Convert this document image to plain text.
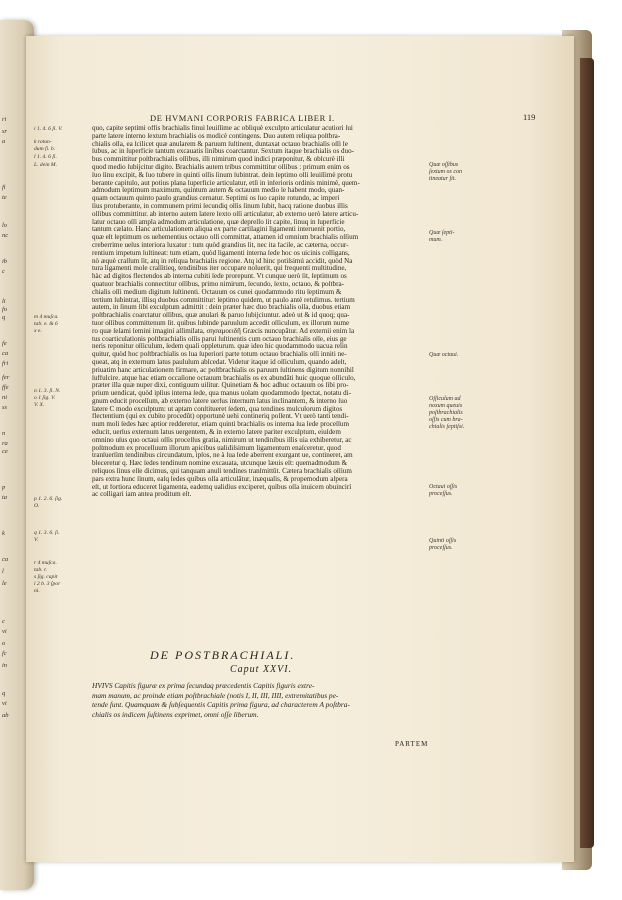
ri
sr
a
fi
te
lo
nc
ib
c
li
fo
q
fe
ca
fri
fer
ffe
ni
ss
n
ra
ce
p
ta
k
ca
l
le
c
vi
o
fc
in
q
vi
ab
DE HVMANI CORPORIS FABRICA LIBER I.	119

quo, capite septimi offis brachialis finui leuiſſime ac obliquè exculpto articulatur acutiori ſui

parte latere interno ſextum brachialis os modicè contingens. Duo autem reliqua poſtbra-

chialis oſſa, ea ſcilicet quæ anularem & paruum ſuſtinent, duntaxat octauo brachialis oſſi ſe

ſubus, ac in ſuperficie tantum excauatis ſinibus coarctantur. Sextum itaque brachialis os duo-

bus committitur poſtbrachialis oſſibus, illi nimirum quod indici præponitur, & obſcurè illi

quod medio ſubijcitur digito. Brachialis autem tribus committitur oſſibus : primum enim os

ſuo ſinu excipit, & ſuo tubere in quinti oſſis ſinum ſubintrat. dein ſeptimo oſſi leuiſſimè protu

berante capitulo, aut potius plana ſuperficie articulatur, etſi in inferioris ordinis minimè, quem-

admodum ſeptimum maximum, quintum autem & octauum medio ſe habent modo, quan-

quam octauum quinto paulo grandius cernatur. Septimi os ſuo capite rotundo, ac imperi

ſius protuberante, in communem primi ſecundiq oſſis ſinum ſubit, hacq ratione duobus illis

oſſibus committitur. ab interno autem latere ſexto oſſi articulatur, ab externo uerò latere articu-

latur octauo oſſi ampla admodum articulatione, quæ depreſſo ſit capite, ſinuq in ſuperficie

tantum cælato. Hanc articulationem aliqua ex parte cartilagini ligamenti interuenit portio,

quæ eſt ſeptimum os uehementius octauo oſſi committat, attamen id omnium brachialis oſſium

creberrime ueſus interiora luxatur : tum quòd grandius ſit, nec ita facile, ac cæterna, occur-

rentium impetum ſuſtineat: tum etiam, quòd ligamenti interna ſede hoc os uicinis colligans,

nò æquè craſſum ſit, atq in reliqua brachialis regione. Atq id hinc potiſsimú accidit, quòd Na

tura ligamenti mole craſſitieq, tendinibus iter occupare noluerit, qui frequenti multitudine,

hàc ad digitos flectendos ab interna cubiti ſede prorepunt. Vt cunque uerò ſit, ſeptimum os

quatuor brachialis connectitur oſſibus, primo nimirum, ſecundo, ſexto, octauo, & poſtbra-

chialis oſſi medium digitum ſuſtinenti. Octauum os cunei quodammodo ritu ſeptimum &

tertium ſubintrat, illisq duobus committitur: ſeptimo quidem, ut paulo antè retulimus. tertium

autem, in ſinum ſibi exculptum admittit : dein præter hæc duo brachialis oſſa, duobus etiam

poſtbrachialis coarctatur oſſibus, quæ anulari & paruo ſubijciuntur. adeò ut & id quoq; qua-

tuor oſſibus committenum ſit. quibus ſubinde paruulum accedit oſſiculum, ex illorum nume

ro quæ ſeſami ſemini imagini aſſimilata, σησαμοειδῆ Græcis nuncupãtur. Ad externii enim la

tus coarticulationis poſtbrachialis oſſis parui ſuſtinentis cum octauo brachialis oſſe, eius ge

neris reponitur oſſiculum, ſedem quaſi oppleturum. quæ ideo hic quodammodo uacua relin

quitur, quòd hoc poſtbrachialis os ſua ſuperiori parte totum octauo brachialis oſſi inniti ne-

queat, atq in externum latus paululum abſcedat. Videtur itaque id oſſiculum, quando adeſt,

priuatim hanc articulationem firmare, ac poſtbrachialis os paruum ſuſtinens digitum nonnihil

ſuffulcire. atque hac etiam occaſione octauum brachialis os ex abundãti huic quoque oſſiculo,

præter illa quæ nuper dixi, contiguum uiſitur. Quinetiam & hoc adhuc octauum os ſibi pro-

prium uendicat, quòd ipſius interna ſede, qua manus uolam quodammodo ſpectat, notatu di-

gnum educit proceſſum, ab externo latere uerſus internum latus inclinantem, & interno ſuo

latere C modo exculptum: ut aptam conſtitueret ſedem, qua tendines muſculorum digitos

flectentium (qui ex cubito procedũt) opportunè uehi contineriq poſſent. Vt uerò tanti tendi-

num moli ſedes hæc aptior redderetur, etiam quinti brachialis os interna ſua ſede proceſſum

educit, uerſus externum latus uergentem, & in externo latere pariter exculptum, eiuſdem

omnino uſus quo octaui oſſis proceſſus gratia, nimirum ut tendinibus illis uia exhiberetur, ac

poſtmodum ex proceſſuum illorum apicibus ualidiſsimum ligamentum enaſceretur, quod

tranſuerſim tendinibus circundatum, ipſos, ne à ſua ſede aberrent exurgant ue, contineret, am

bleceretur q. Hæc ſedes tendinum nomine excauata, utcunque læuis eſt: quemadmodum &

reliquos ſinus eſſe dicimus, qui tanquam anuli tendines tranſmittũt. Cætera brachialis oſſium

pars extra hunc ſinum, eaſq ſedes quibus oſſa articulãtur, inæqualis, & propemodum aſpera

eſt, ut fortiora educeret ligamenta, eademq ualidius exciperet, quibus oſſa inuicem obuincirí

ac colligari iam antea proditum eſt.

i 1. 4. 6 ſi. V.
k rotun-
dum ſi. b.
l 1. 4. 6 ſi.
L. dein M.
m 4 muſca.
tab. e. & 6
x e.
n 1. 3. ſi. N.
o 1 ſig. V.
V. X.
p 1. 2. 6. ſig.
O.
q 1. 3. 6. ſi.
V.
r 4 muſca.
tab. r.
s ſig. capit
i 2 b. 3 ſpor
ni.
Quæ oſſibus
ſextum os con
tineatur ſit.
Quæ ſepti-
mum.
Quæ octaui.
Oſſiculum ad
noxum queuis
poſtbrachialis
oſſis cum bra-
chialis ſeptiſsi.
Octaui oſſis
proceſſus.
Quinti oſſis
proceſſus.
DE POSTBRACHIALI.
Caput XXVI.

HVIVS Capitis figuræ ex prima ſecundaq præcedentis Capitis figuris extre-

mam manum, ac proinde etiam poſtbrachiale (notis I, II, III, IIII, extremitatibus pe-

tende ſunt. Quamquam & ſubſequentis Capitis prima figura, ad characterem A poſtbra-

chialis os indicem ſuſtinens exprimet, omni oſſe liberum.

PARTEM
